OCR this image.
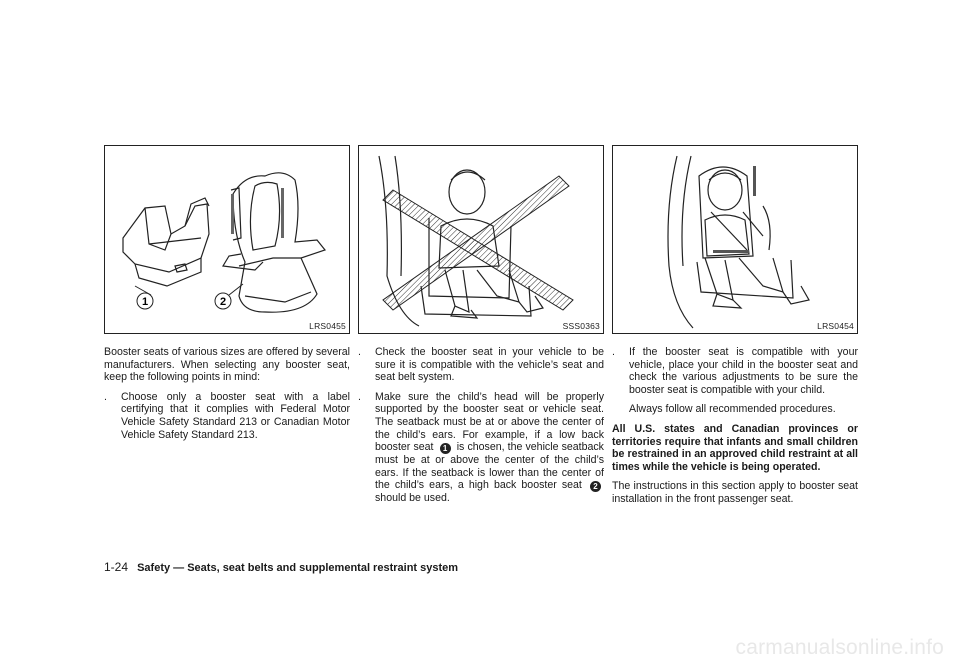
1	2
LRS0455	SSS0363	LRS0454

Booster seats of various sizes are offered by several manufacturers. When selecting any booster seat, keep the following points in mind:

. Choose only a booster seat with a label certifying that it complies with Federal Motor Vehicle Safety Standard 213 or Canadian Motor Vehicle Safety Standard 213.
. Check the booster seat in your vehicle to be sure it is compatible with the vehicle’s seat and seat belt system.
. Make sure the child’s head will be properly supported by the booster seat or vehicle seat. The seatback must be at or above the center of the child’s ears. For example, if a low back booster seat 1 is chosen, the vehicle seatback must be at or above the center of the child’s ears. If the seatback is lower than the center of the child’s ears, a high back booster seat 2 should be used.
. If the booster seat is compatible with your vehicle, place your child in the booster seat and check the various adjustments to be sure the booster seat is compatible with your child.

Always follow all recommended procedures.

All U.S. states and Canadian provinces or territories require that infants and small children be restrained in an approved child restraint at all times while the vehicle is being operated.

The instructions in this section apply to booster seat installation in the front passenger seat.

1-24 Safety — Seats, seat belts and supplemental restraint system
carmanualsonline.info
